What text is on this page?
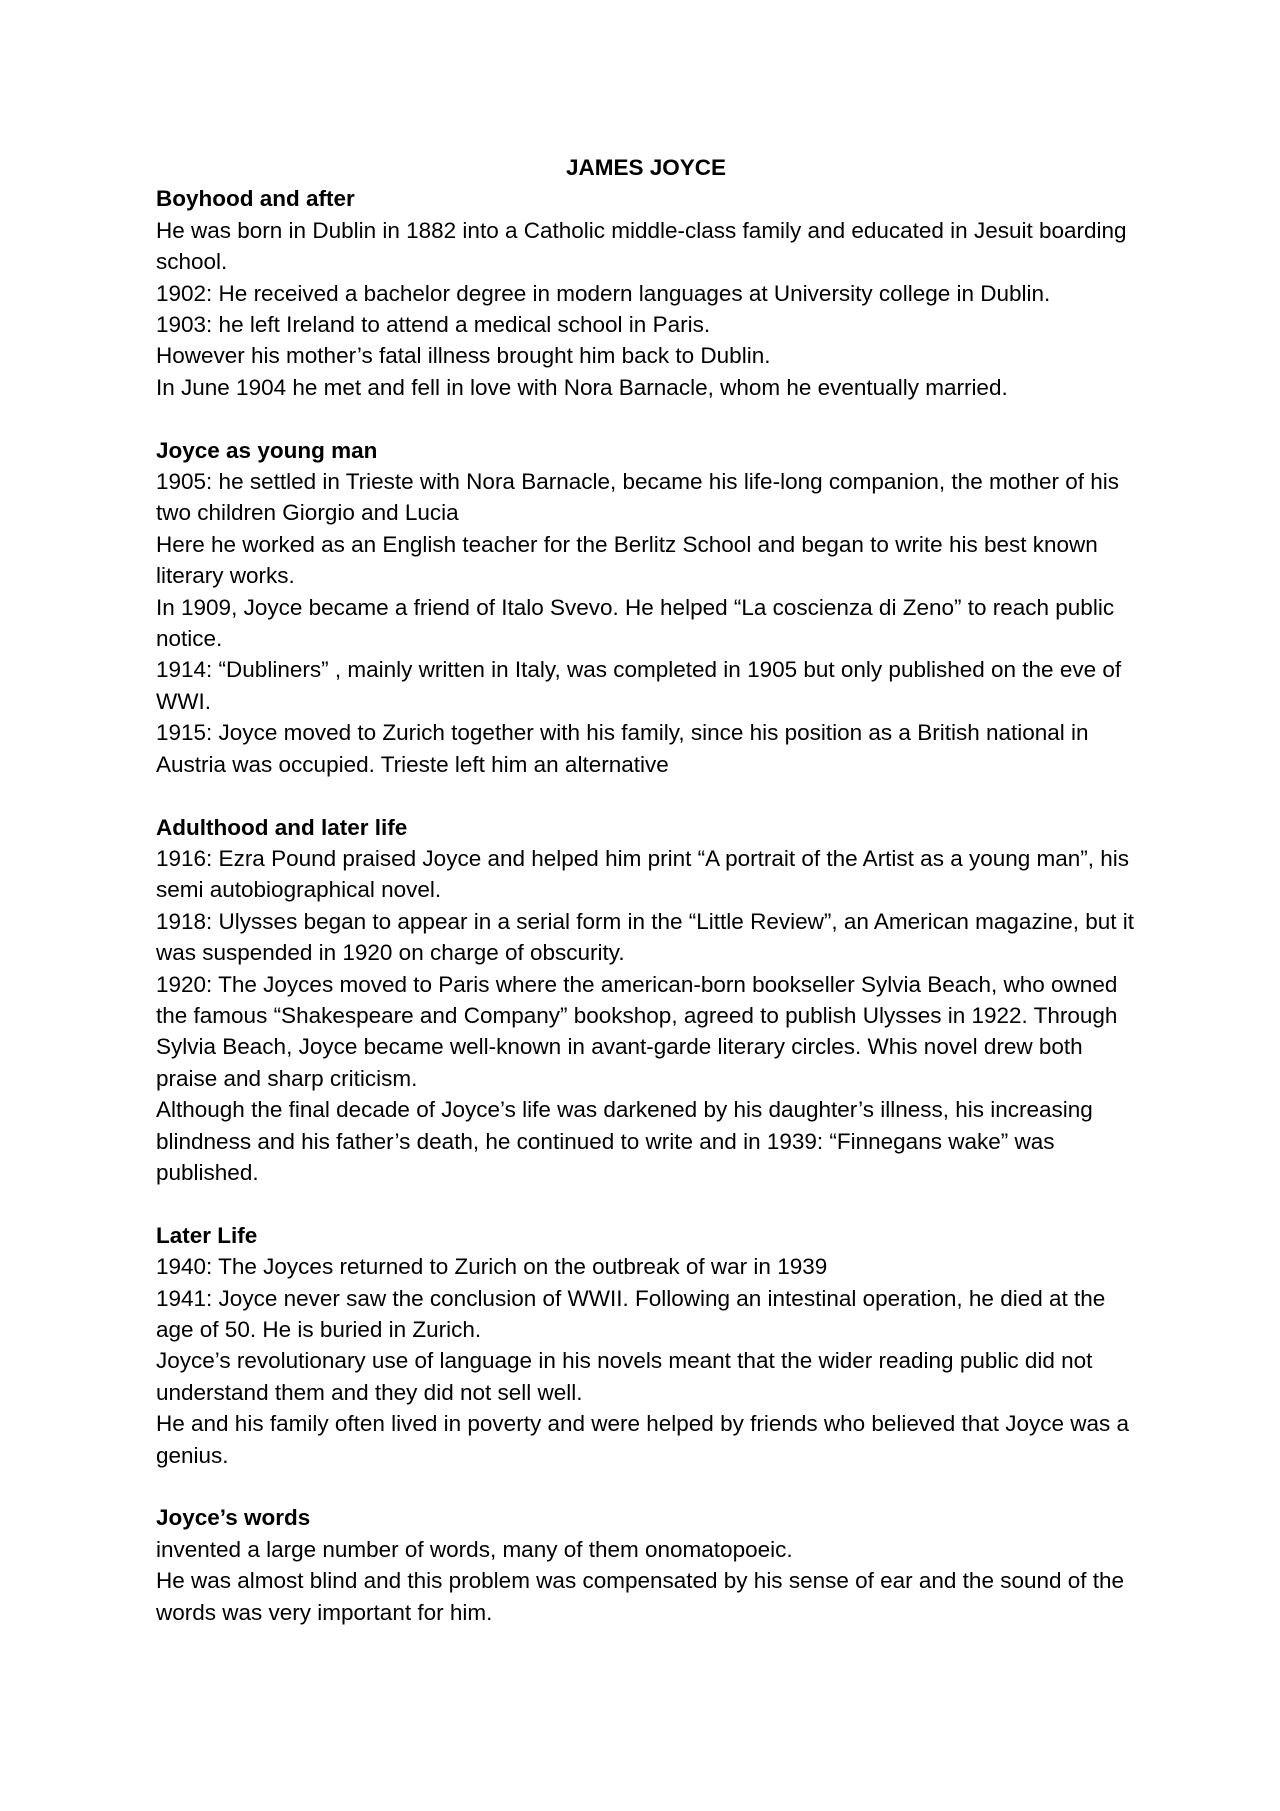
JAMES JOYCE
Boyhood and after

He was born in Dublin in 1882 into a Catholic middle-class family and educated in Jesuit boarding school.

1902: He received a bachelor degree in modern languages at University college in Dublin.

1903: he left Ireland to attend a medical school in Paris.

However his mother’s fatal illness brought him back to Dublin.

In June 1904 he met and fell in love with Nora Barnacle, whom he eventually married.

Joyce as young man

1905: he settled in Trieste with Nora Barnacle, became his life-long companion, the mother of his two children Giorgio and Lucia

Here he worked as an English teacher for the Berlitz School and began to write his best known literary works.

In 1909, Joyce became a friend of Italo Svevo. He helped “La coscienza di Zeno” to reach public notice.

1914: “Dubliners” , mainly written in Italy, was completed in 1905 but only published on the eve of WWI.

1915: Joyce moved to Zurich together with his family, since his position as a British national in Austria was occupied. Trieste left him an alternative

Adulthood and later life

1916: Ezra Pound praised Joyce and helped him print “A portrait of the Artist as a young man”, his semi autobiographical novel.

1918: Ulysses began to appear in a serial form in the “Little Review”, an American magazine, but it was suspended in 1920 on charge of obscurity.

1920: The Joyces moved to Paris where the american-born bookseller Sylvia Beach, who owned the famous “Shakespeare and Company” bookshop, agreed to publish Ulysses in 1922. Through Sylvia Beach, Joyce became well-known in avant-garde literary circles. Whis novel drew both praise and sharp criticism.

Although the final decade of Joyce’s life was darkened by his daughter’s illness, his increasing blindness and his father’s death, he continued to write and in 1939: “Finnegans wake” was published.

Later Life

1940: The Joyces returned to Zurich on the outbreak of war in 1939

1941: Joyce never saw the conclusion of WWII. Following an intestinal operation, he died at the age of 50. He is buried in Zurich.

Joyce’s revolutionary use of language in his novels meant that the wider reading public did not understand them and they did not sell well.

He and his family often lived in poverty and were helped by friends who believed that Joyce was a genius.

Joyce’s words

invented a large number of words, many of them onomatopoeic.

He was almost blind and this problem was compensated by his sense of ear and the sound of the words was very important for him.
